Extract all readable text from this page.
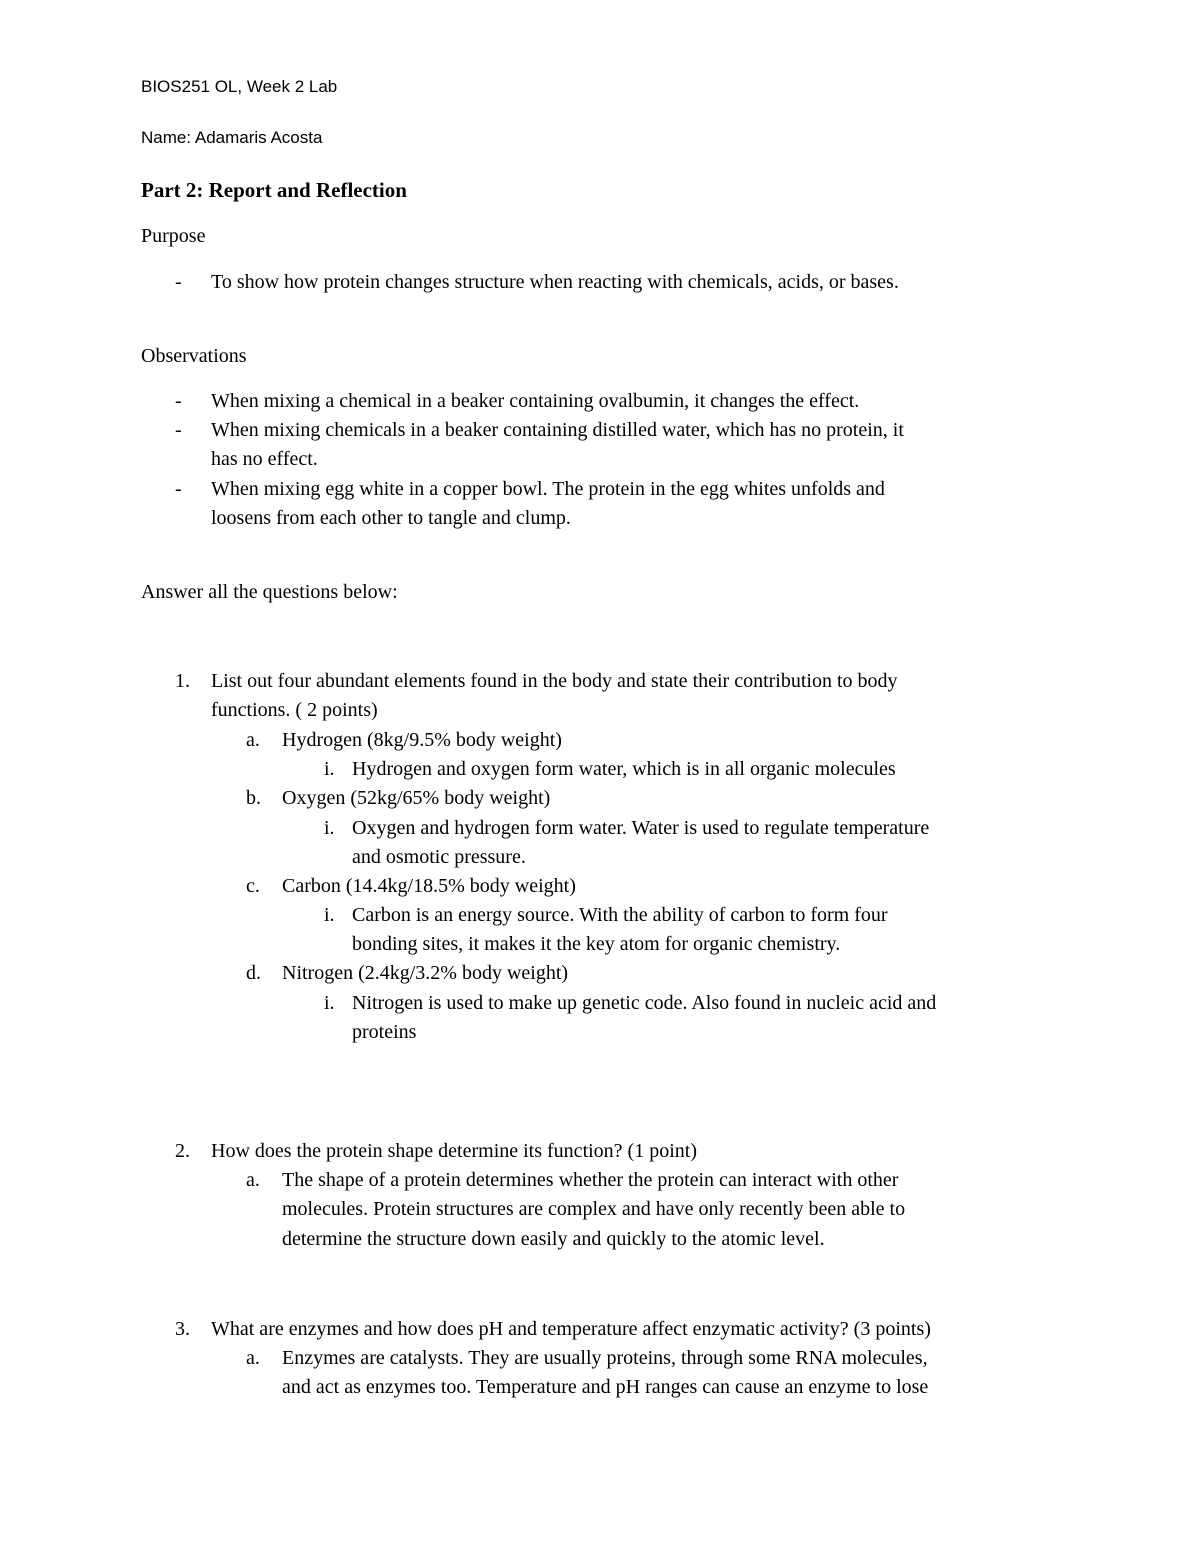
BIOS251 OL, Week 2 Lab
Name: Adamaris Acosta
Part 2: Report and Reflection
Purpose
- To show how protein changes structure when reacting with chemicals, acids, or bases.
Observations
- When mixing a chemical in a beaker containing ovalbumin, it changes the effect.
- When mixing chemicals in a beaker containing distilled water, which has no protein, it
has no effect.
- When mixing egg white in a copper bowl. The protein in the egg whites unfolds and
loosens from each other to tangle and clump.
Answer all the questions below:
1. List out four abundant elements found in the body and state their contribution to body
functions. ( 2 points)
a. Hydrogen (8kg/9.5% body weight)
i. Hydrogen and oxygen form water, which is in all organic molecules
b. Oxygen (52kg/65% body weight)
i. Oxygen and hydrogen form water. Water is used to regulate temperature
and osmotic pressure.
c. Carbon (14.4kg/18.5% body weight)
i. Carbon is an energy source. With the ability of carbon to form four
bonding sites, it makes it the key atom for organic chemistry.
d. Nitrogen (2.4kg/3.2% body weight)
i. Nitrogen is used to make up genetic code. Also found in nucleic acid and
proteins
2. How does the protein shape determine its function? (1 point)
a. The shape of a protein determines whether the protein can interact with other
molecules. Protein structures are complex and have only recently been able to
determine the structure down easily and quickly to the atomic level.
3. What are enzymes and how does pH and temperature affect enzymatic activity? (3 points)
a. Enzymes are catalysts. They are usually proteins, through some RNA molecules,
and act as enzymes too. Temperature and pH ranges can cause an enzyme to lose
